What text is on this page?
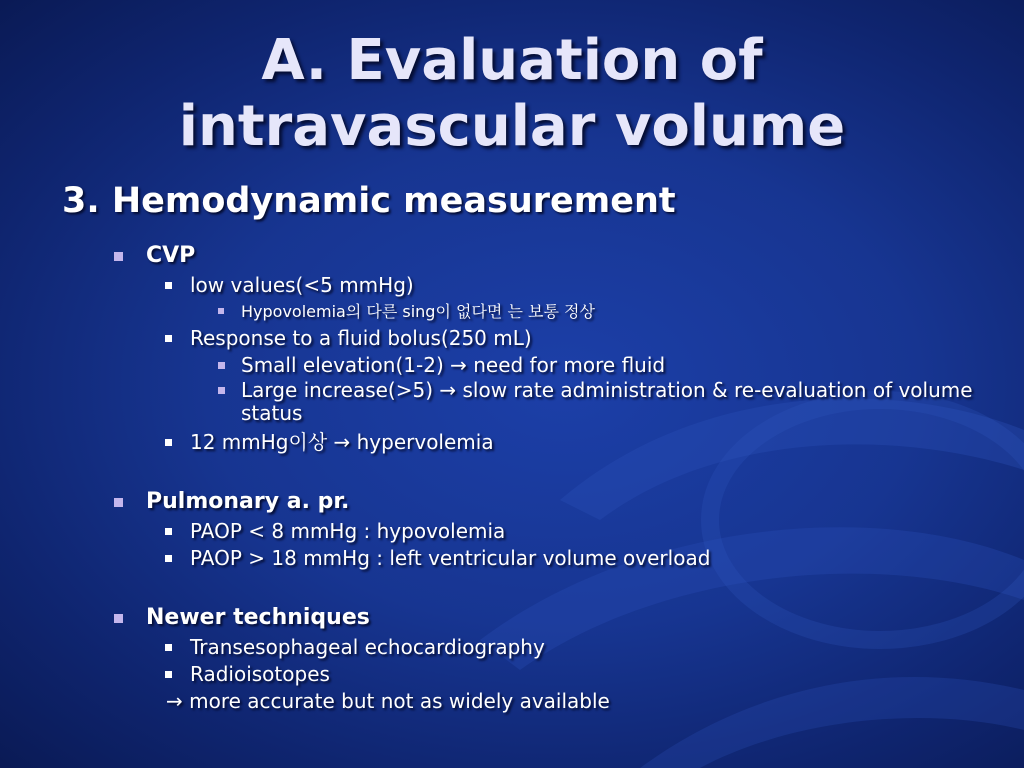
A. Evaluation of
intravascular volume
3. Hemodynamic measurement
CVP
low values(<5 mmHg)
Hypovolemia의 다른 sing이 없다면 는 보통 정상
Response to a fluid bolus(250 mL)
Small elevation(1-2) → need for more fluid
Large increase(>5) → slow rate administration & re-evaluation of volume status
12 mmHg이상 → hypervolemia
Pulmonary a. pr.
PAOP < 8 mmHg : hypovolemia
PAOP > 18 mmHg : left ventricular volume overload
Newer techniques
Transesophageal echocardiography
Radioisotopes
→ more accurate but not as widely available
